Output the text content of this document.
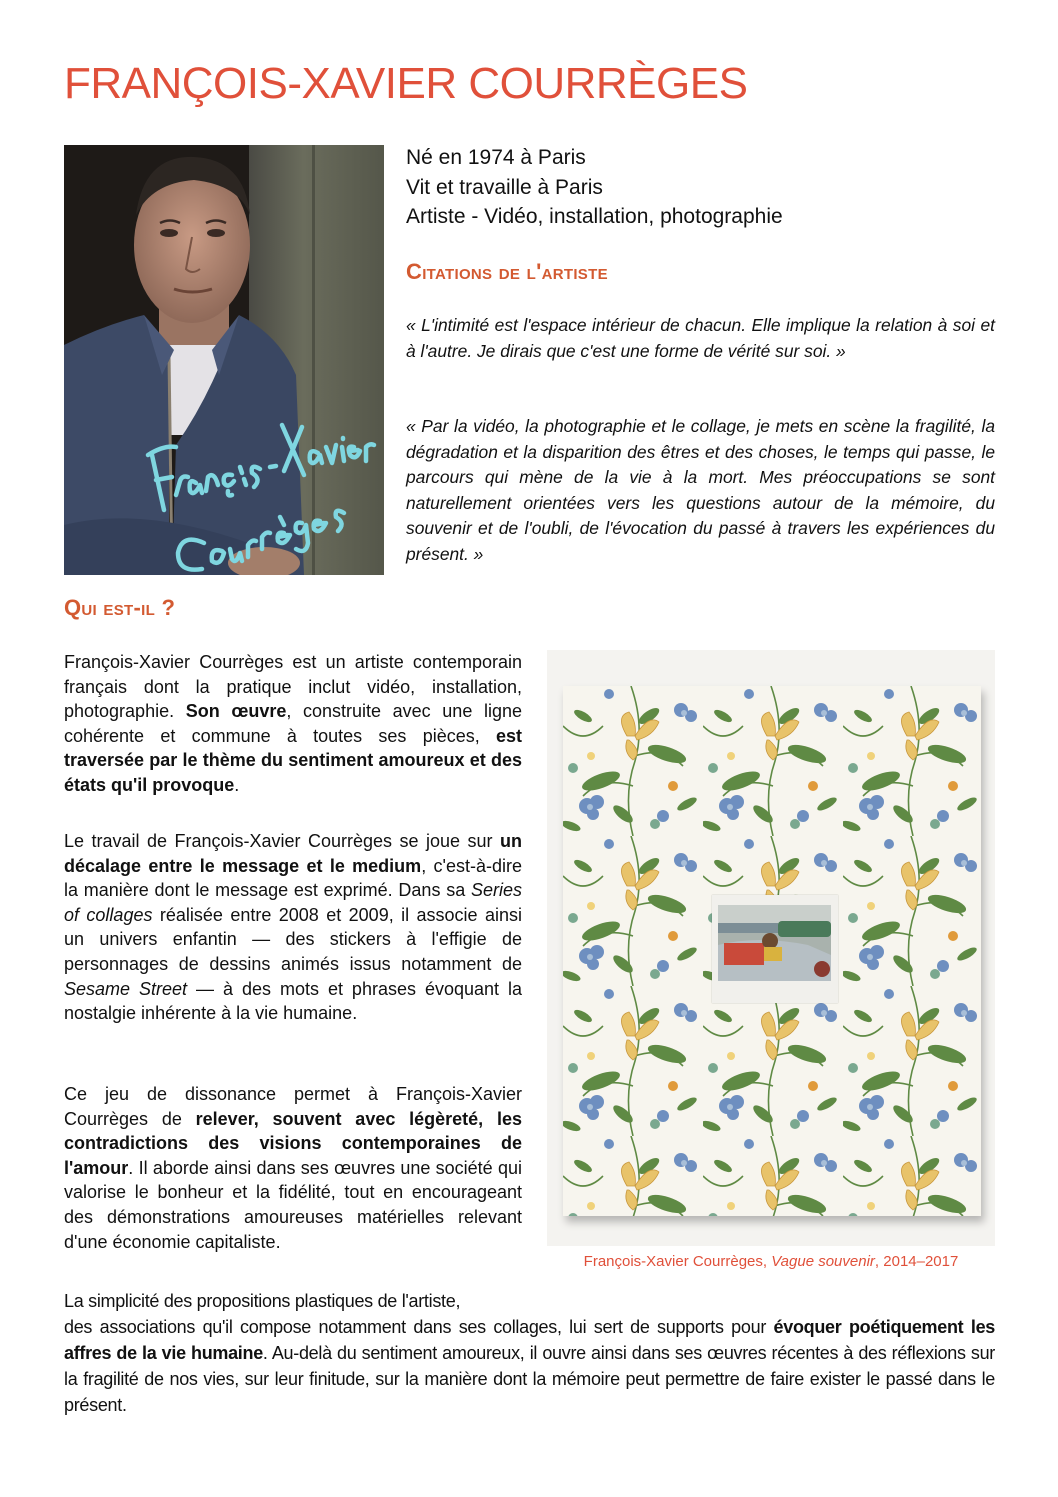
FRANÇOIS-XAVIER COURRÈGES
Né en 1974 à Paris
Vit et travaille à Paris
Artiste - Vidéo, installation, photographie
Citations de l'artiste

« L'intimité est l'espace intérieur de chacun. Elle implique la relation à soi et à l'autre. Je dirais que c'est une forme de vérité sur soi. »

« Par la vidéo, la photographie et le collage, je mets en scène la fragilité, la dégradation et la disparition des êtres et des choses, le temps qui passe, le parcours qui mène de la vie à la mort. Mes préoccupations se sont naturellement orientées vers les questions autour de la mémoire, du souvenir et de l'oubli, de l'évocation du passé à travers les expériences du présent. »

Qui est-il ?

François-Xavier Courrèges est un artiste contemporain français dont la pratique inclut vidéo, installation, photographie. Son œuvre, construite avec une ligne cohérente et commune à toutes ses pièces, est traversée par le thème du sentiment amoureux et des états qu'il provoque.

Le travail de François-Xavier Courrèges se joue sur un décalage entre le message et le medium, c'est-à-dire la manière dont le message est exprimé. Dans sa Series of collages réalisée entre 2008 et 2009, il associe ainsi un univers enfantin — des stickers à l'effigie de personnages de dessins animés issus notamment de Sesame Street — à des mots et phrases évoquant la nostalgie inhérente à la vie humaine.

Ce jeu de dissonance permet à François-Xavier Courrèges de relever, souvent avec légèreté, les contradictions des visions contemporaines de l'amour. Il aborde ainsi dans ses œuvres une société qui valorise le bonheur et la fidélité, tout en encourageant des démonstrations amoureuses matérielles relevant d'une économie capitaliste.

François-Xavier Courrèges, Vague souvenir, 2014–2017

La simplicité des propositions plastiques de l'artiste,
des associations qu'il compose notamment dans ses collages, lui sert de supports pour évoquer poétiquement les affres de la vie humaine. Au-delà du sentiment amoureux, il ouvre ainsi dans ses œuvres récentes à des réflexions sur la fragilité de nos vies, sur leur finitude, sur la manière dont la mémoire peut permettre de faire exister le passé dans le présent.
